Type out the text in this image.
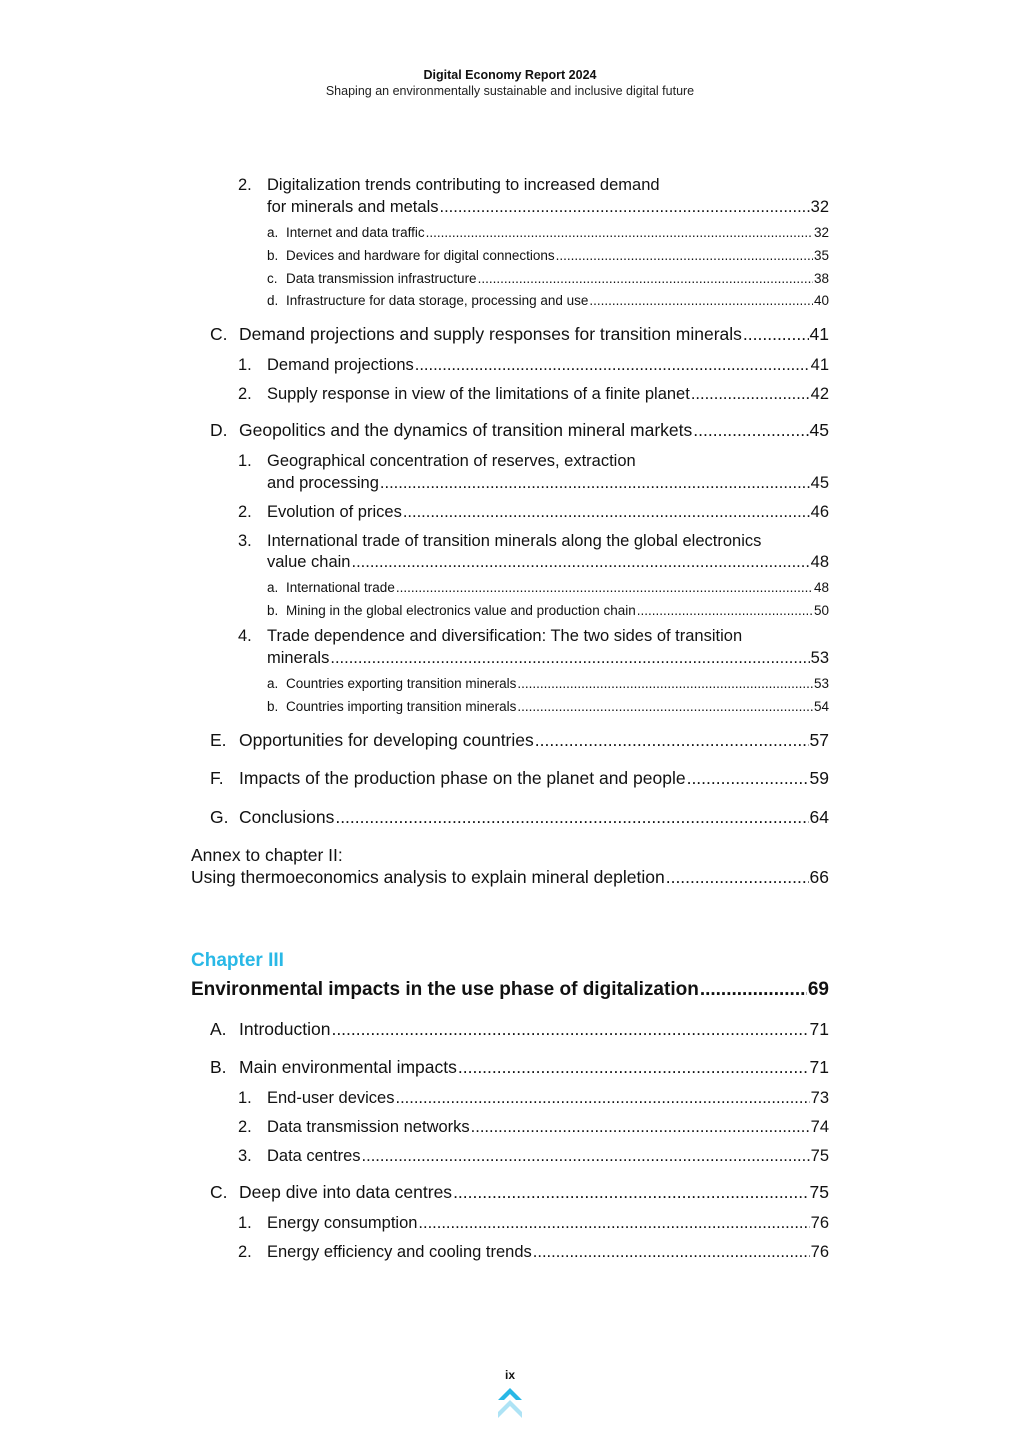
Digital Economy Report 2024
Shaping an environmentally sustainable and inclusive digital future
2. Digitalization trends contributing to increased demand
for minerals and metals .....	32
a. Internet and data traffic .....	32
b. Devices and hardware for digital connections .....	35
c. Data transmission infrastructure .....	38
d. Infrastructure for data storage, processing and use .....	40
C. Demand projections and supply responses for transition minerals .....	41
1. Demand projections .....	41
2. Supply response in view of the limitations of a finite planet .....	42
D. Geopolitics and the dynamics of transition mineral markets .....	45
1. Geographical concentration of reserves, extraction
and processing .....	45
2. Evolution of prices .....	46
3. International trade of transition minerals along the global electronics
value chain .....	48
a. International trade .....	48
b. Mining in the global electronics value and production chain .....	50
4. Trade dependence and diversification: The two sides of transition
minerals .....	53
a. Countries exporting transition minerals .....	53
b. Countries importing transition minerals .....	54
E. Opportunities for developing countries .....	57
F. Impacts of the production phase on the planet and people .....	59
G. Conclusions .....	64
Annex to chapter II:
Using thermoeconomics analysis to explain mineral depletion .....	66
Chapter III
Environmental impacts in the use phase of digitalization .....	69
A. Introduction .....	71
B. Main environmental impacts .....	71
1. End-user devices .....	73
2. Data transmission networks .....	74
3. Data centres .....	75
C. Deep dive into data centres .....	75
1. Energy consumption .....	76
2. Energy efficiency and cooling trends .....	76
ix
